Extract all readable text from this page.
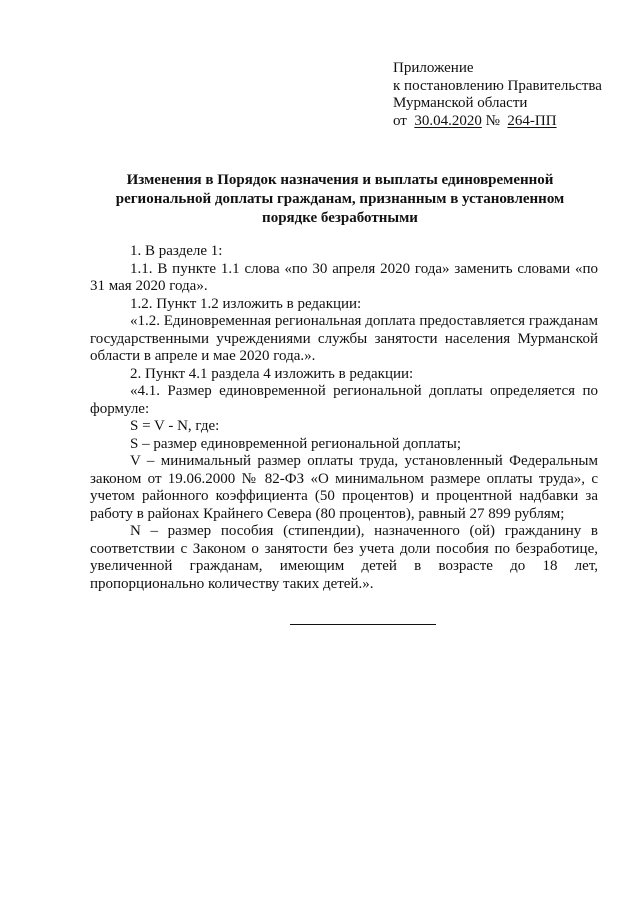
Приложение
к постановлению Правительства
Мурманской области
от 30.04.2020 № 264-ПП
Изменения в Порядок назначения и выплаты единовременной
региональной доплаты гражданам, признанным в установленном
порядке безработными

1. В разделе 1:

1.1. В пункте 1.1 слова «по 30 апреля 2020 года» заменить словами «по 31 мая 2020 года».

1.2. Пункт 1.2 изложить в редакции:

«1.2. Единовременная региональная доплата предоставляется гражданам государственными учреждениями службы занятости населения Мурманской области в апреле и мае 2020 года.».

2. Пункт 4.1 раздела 4 изложить в редакции:

«4.1. Размер единовременной региональной доплаты определяется по формуле:

S = V - N, где:

S – размер единовременной региональной доплаты;

V – минимальный размер оплаты труда, установленный Федеральным законом от 19.06.2000 № 82-ФЗ «О минимальном размере оплаты труда», с учетом районного коэффициента (50 процентов) и процентной надбавки за работу в районах Крайнего Севера (80 процентов), равный 27 899 рублям;

N – размер пособия (стипендии), назначенного (ой) гражданину в соответствии с Законом о занятости без учета доли пособия по безработице, увеличенной гражданам, имеющим детей в возрасте до 18 лет, пропорционально количеству таких детей.».
